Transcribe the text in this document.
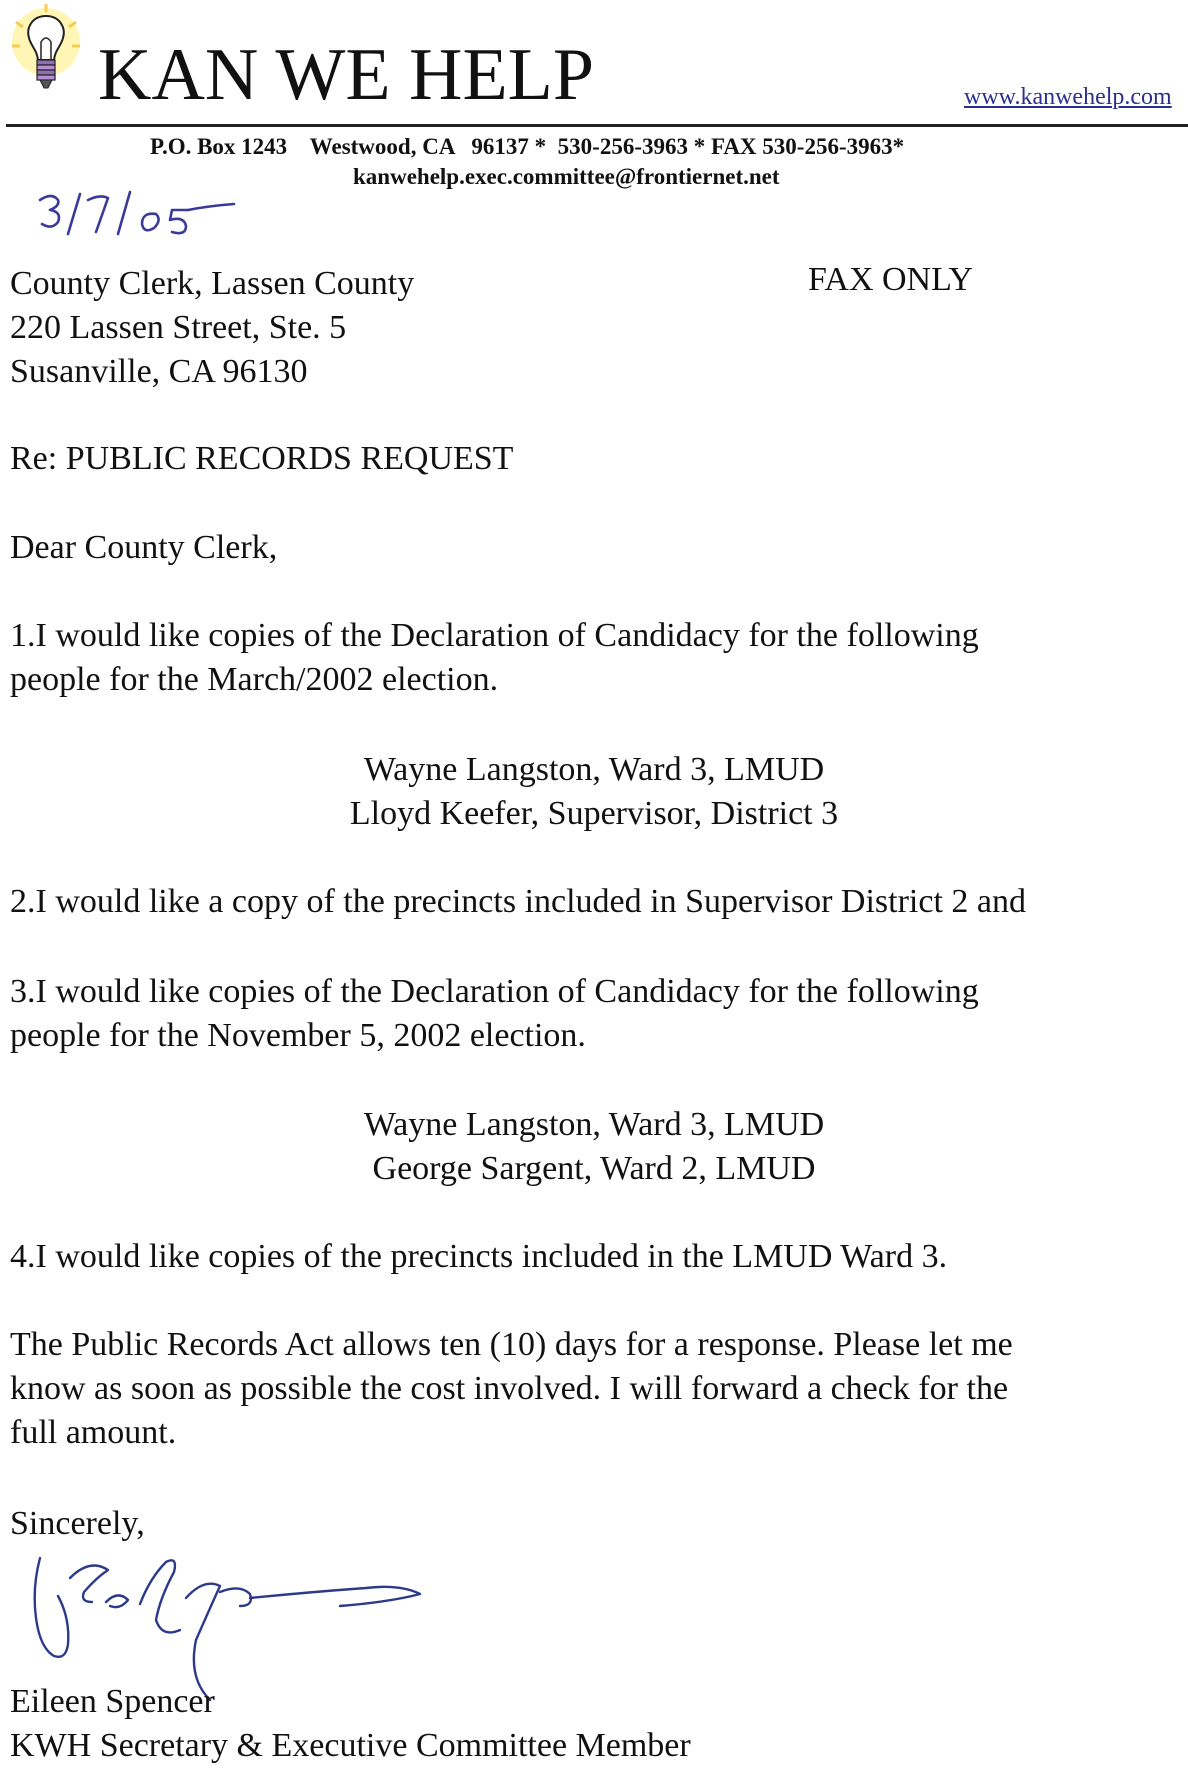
KAN WE HELP	www.kanwehelp.com
P.O. Box 1243    Westwood, CA   96137 *  530-256-3963 * FAX 530-256-3963*
kanwehelp.exec.committee@frontiernet.net
County Clerk, Lassen County
220 Lassen Street, Ste. 5
Susanville, CA 96130
FAX ONLY
Re: PUBLIC RECORDS REQUEST
Dear County Clerk,
1.I would like copies of the Declaration of Candidacy for the following
people for the March/2002 election.
Wayne Langston, Ward 3, LMUD
Lloyd Keefer, Supervisor, District 3
2.I would like a copy of the precincts included in Supervisor District 2 and
3.I would like copies of the Declaration of Candidacy for the following
people for the November 5, 2002 election.
Wayne Langston, Ward 3, LMUD
George Sargent, Ward 2, LMUD
4.I would like copies of the precincts included in the LMUD Ward 3.
The Public Records Act allows ten (10) days for a response. Please let me
know as soon as possible the cost involved. I will forward a check for the
full amount.
Sincerely,
Eileen Spencer
KWH Secretary & Executive Committee Member
